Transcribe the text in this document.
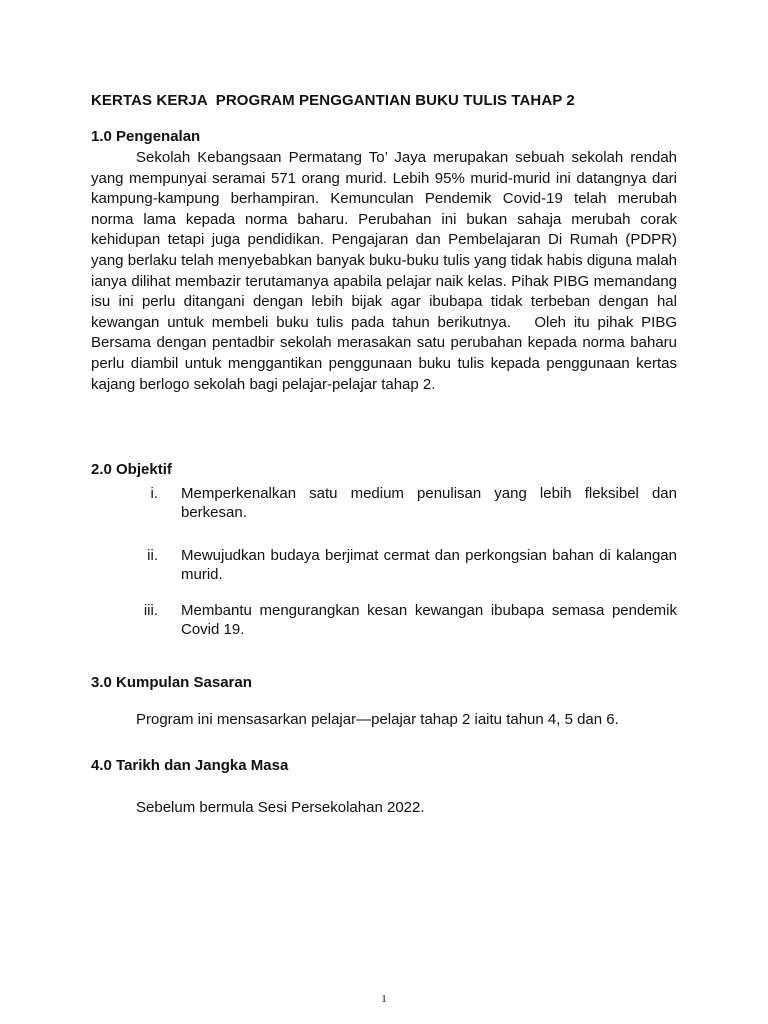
KERTAS KERJA  PROGRAM PENGGANTIAN BUKU TULIS TAHAP 2
1.0 Pengenalan

Sekolah Kebangsaan Permatang To’ Jaya merupakan sebuah sekolah rendah yang mempunyai seramai 571 orang murid. Lebih 95% murid-murid ini datangnya dari kampung-kampung berhampiran. Kemunculan Pendemik Covid-19 telah merubah norma lama kepada norma baharu. Perubahan ini bukan sahaja merubah corak kehidupan tetapi juga pendidikan. Pengajaran dan Pembelajaran Di Rumah (PDPR) yang berlaku telah menyebabkan banyak buku-buku tulis yang tidak habis diguna malah ianya dilihat membazir terutamanya apabila pelajar naik kelas. Pihak PIBG memandang isu ini perlu ditangani dengan lebih bijak agar ibubapa tidak terbeban dengan hal kewangan untuk membeli buku tulis pada tahun berikutnya.   Oleh itu pihak PIBG Bersama dengan pentadbir sekolah merasakan satu perubahan kepada norma baharu perlu diambil untuk menggantikan penggunaan buku tulis kepada penggunaan kertas kajang berlogo sekolah bagi pelajar-pelajar tahap 2.

2.0 Objektif
i. Memperkenalkan satu medium penulisan yang lebih fleksibel dan berkesan.
ii. Mewujudkan budaya berjimat cermat dan perkongsian bahan di kalangan murid.
iii. Membantu mengurangkan kesan kewangan ibubapa semasa pendemik Covid 19.
3.0 Kumpulan Sasaran
Program ini mensasarkan pelajar—pelajar tahap 2 iaitu tahun 4, 5 dan 6.
4.0 Tarikh dan Jangka Masa
Sebelum bermula Sesi Persekolahan 2022.
1
